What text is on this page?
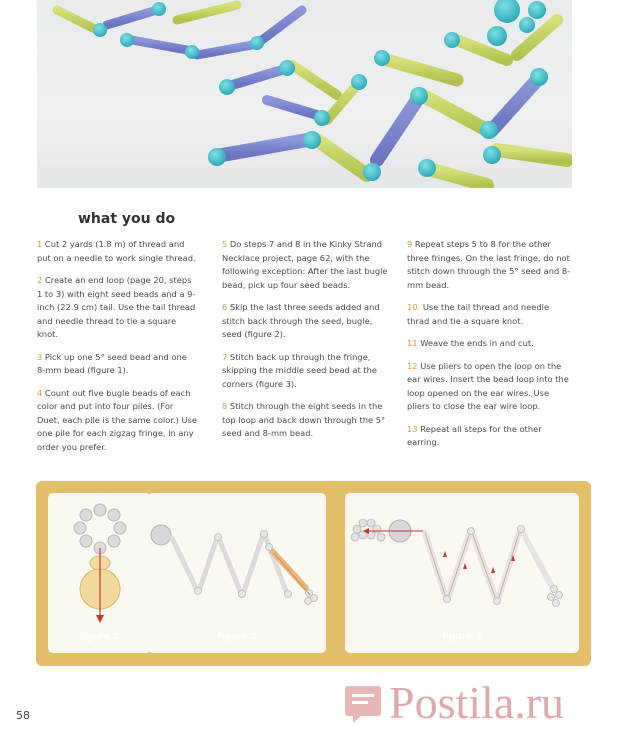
what you do

1 Cut 2 yards (1.8 m) of thread and put on a needle to work single thread.

2 Create an end loop (page 20, steps 1 to 3) with eight seed beads and a 9-inch (22.9 cm) tail. Use the tail thread and needle thread to tie a square knot.

3 Pick up one 5° seed bead and one 8-mm bead (figure 1).

4 Count out five bugle beads of each color and put into four piles. (For Duet, each pile is the same color.) Use one pile for each zigzag fringe, in any order you prefer.

5 Do steps 7 and 8 in the Kinky Strand Necklace project, page 62, with the following exception: After the last bugle bead, pick up four seed beads.

6 Skip the last three seeds added and stitch back through the seed, bugle, seed (figure 2).

7 Stitch back up through the fringe, skipping the middle seed bead at the corners (figure 3).

8 Stitch through the eight seeds in the top loop and back down through the 5° seed and 8-mm bead.

9 Repeat steps 5 to 8 for the other three fringes. On the last fringe, do not stitch down through the 5° seed and 8-mm bead.

10. Use the tail thread and needle thrad and tie a square knot.

11 Weave the ends in and cut.

12 Use pliers to open the loop on the ear wires. Insert the bead loop into the loop opened on the ear wires. Use pliers to close the ear wire loop.

13 Repeat all steps for the other earring.

figure 1	figure 2	figure 3
58	Postila.ru
